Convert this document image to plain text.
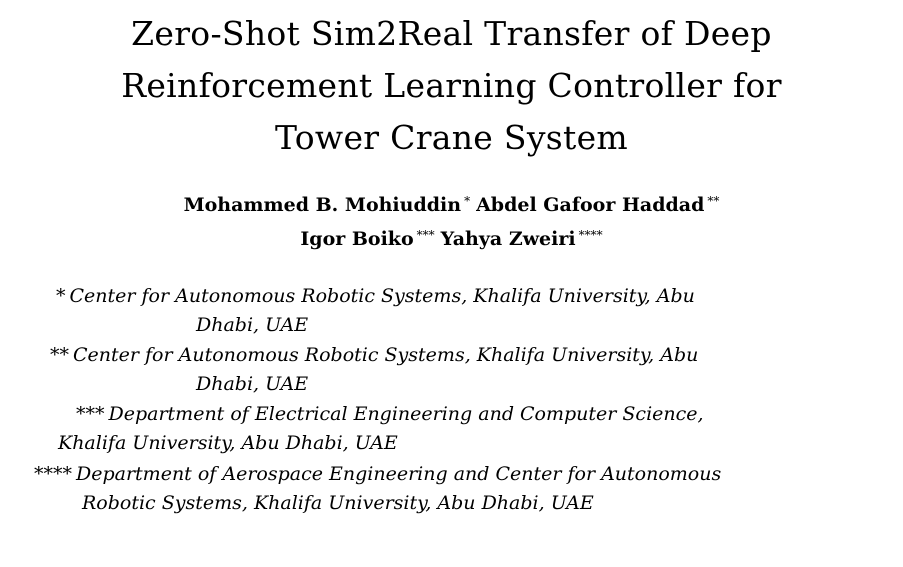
Zero-Shot Sim2Real Transfer of Deep
Reinforcement Learning Controller for
Tower Crane System
Mohammed B. Mohiuddin * Abdel Gafoor Haddad **
Igor Boiko *** Yahya Zweiri ****
* Center for Autonomous Robotic Systems, Khalifa University, Abu
Dhabi, UAE
** Center for Autonomous Robotic Systems, Khalifa University, Abu
Dhabi, UAE
*** Department of Electrical Engineering and Computer Science,
Khalifa University, Abu Dhabi, UAE
**** Department of Aerospace Engineering and Center for Autonomous
Robotic Systems, Khalifa University, Abu Dhabi, UAE
